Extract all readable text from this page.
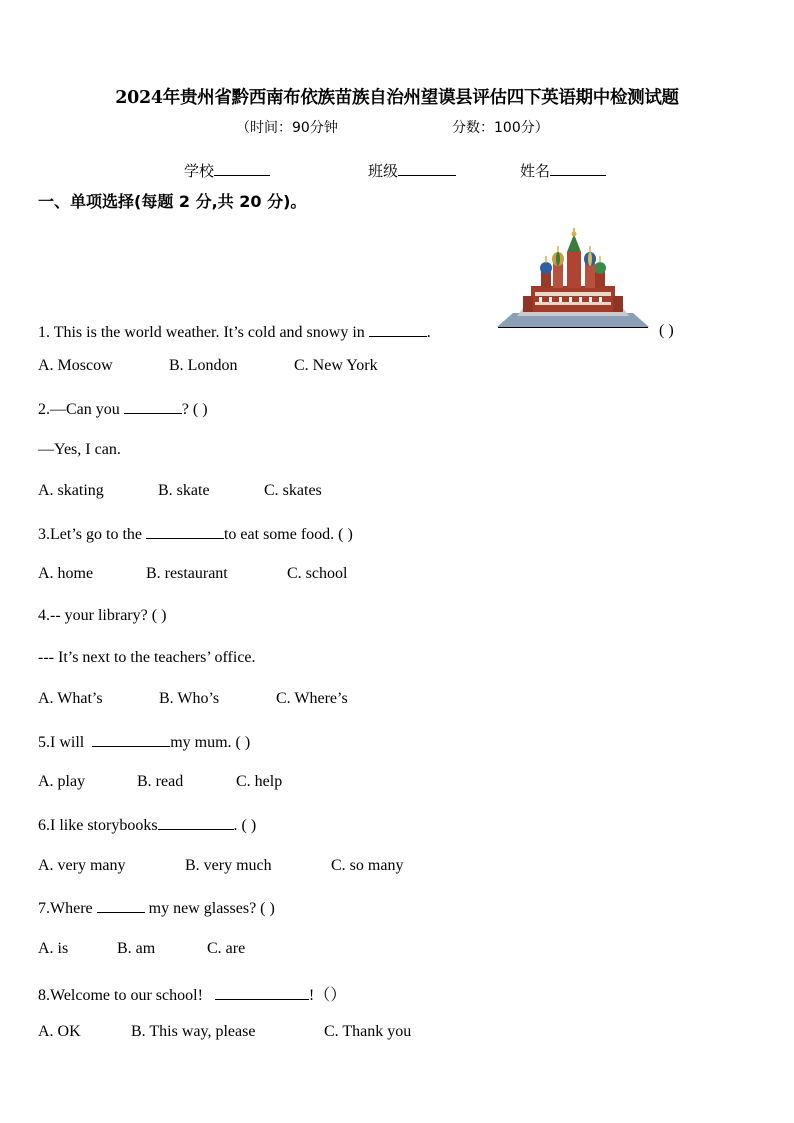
2024年贵州省黔西南布依族苗族自治州望谟县评估四下英语期中检测试题
（时间：90分钟	分数：100分）
学校	班级	姓名
一、单项选择(每题 2 分,共 20 分)。
1. This is the world weather. It’s cold and snowy in	.	( )
A. Moscow	B. London	C. New York
2.—Can you	? ( )
—Yes, I can.
A. skating	B. skate	C. skates
3.Let’s go to the	to eat some food. ( )
A. home	B. restaurant	C. school
4.-- your library? ( )
--- It’s next to the teachers’ office.
A. What’s	B. Who’s	C. Where’s
5.I will	my mum. ( )
A. play	B. read	C. help
6.I like storybooks	. ( )
A. very many	B. very much	C. so many
7.Where	my new glasses? ( )
A. is	B. am	C. are
8.Welcome to our school!	!（）
A. OK	B. This way, please	C. Thank you
